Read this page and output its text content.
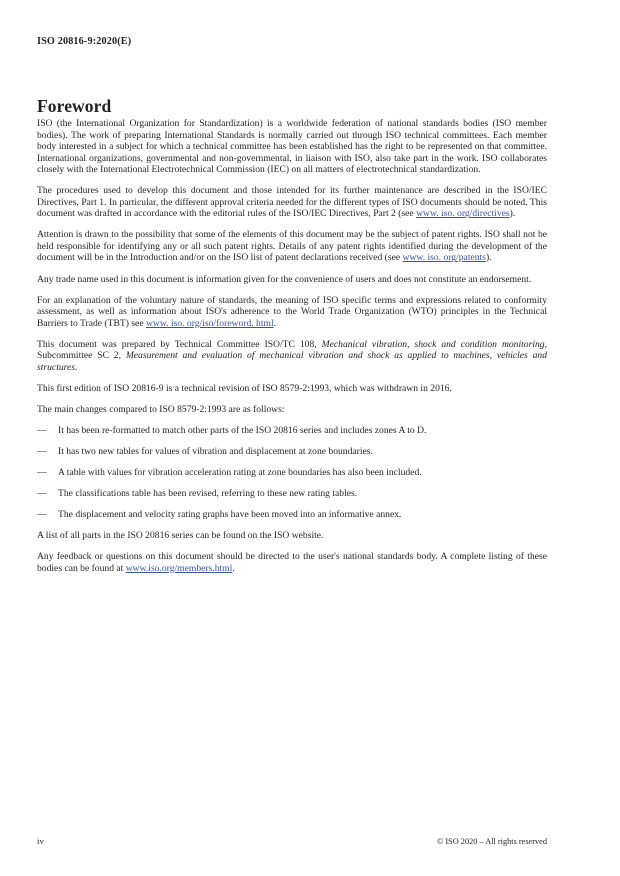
ISO 20816-9:2020(E)
Foreword

ISO (the International Organization for Standardization) is a worldwide federation of national standards bodies (ISO member bodies). The work of preparing International Standards is normally carried out through ISO technical committees. Each member body interested in a subject for which a technical committee has been established has the right to be represented on that committee. International organizations, governmental and non-governmental, in liaison with ISO, also take part in the work. ISO collaborates closely with the International Electrotechnical Commission (IEC) on all matters of electrotechnical standardization.

The procedures used to develop this document and those intended for its further maintenance are described in the ISO/IEC Directives, Part 1. In particular, the different approval criteria needed for the different types of ISO documents should be noted. This document was drafted in accordance with the editorial rules of the ISO/IEC Directives, Part 2 (see www. iso. org/directives).

Attention is drawn to the possibility that some of the elements of this document may be the subject of patent rights. ISO shall not be held responsible for identifying any or all such patent rights. Details of any patent rights identified during the development of the document will be in the Introduction and/or on the ISO list of patent declarations received (see www. iso. org/patents).

Any trade name used in this document is information given for the convenience of users and does not constitute an endorsement.

For an explanation of the voluntary nature of standards, the meaning of ISO specific terms and expressions related to conformity assessment, as well as information about ISO's adherence to the World Trade Organization (WTO) principles in the Technical Barriers to Trade (TBT) see www. iso. org/iso/foreword. html.

This document was prepared by Technical Committee ISO/TC 108, Mechanical vibration, shock and condition monitoring, Subcommittee SC 2, Measurement and evaluation of mechanical vibration and shock as applied to machines, vehicles and structures.

This first edition of ISO 20816-9 is a technical revision of ISO 8579-2:1993, which was withdrawn in 2016.

The main changes compared to ISO 8579-2:1993 are as follows:

—	It has been re-formatted to match other parts of the ISO 20816 series and includes zones A to D.
—	It has two new tables for values of vibration and displacement at zone boundaries.
—	A table with values for vibration acceleration rating at zone boundaries has also been included.
—	The classifications table has been revised, referring to these new rating tables.
—	The displacement and velocity rating graphs have been moved into an informative annex.

A list of all parts in the ISO 20816 series can be found on the ISO website.

Any feedback or questions on this document should be directed to the user's national standards body. A complete listing of these bodies can be found at www.iso.org/members.html.

iv	© ISO 2020 – All rights reserved
